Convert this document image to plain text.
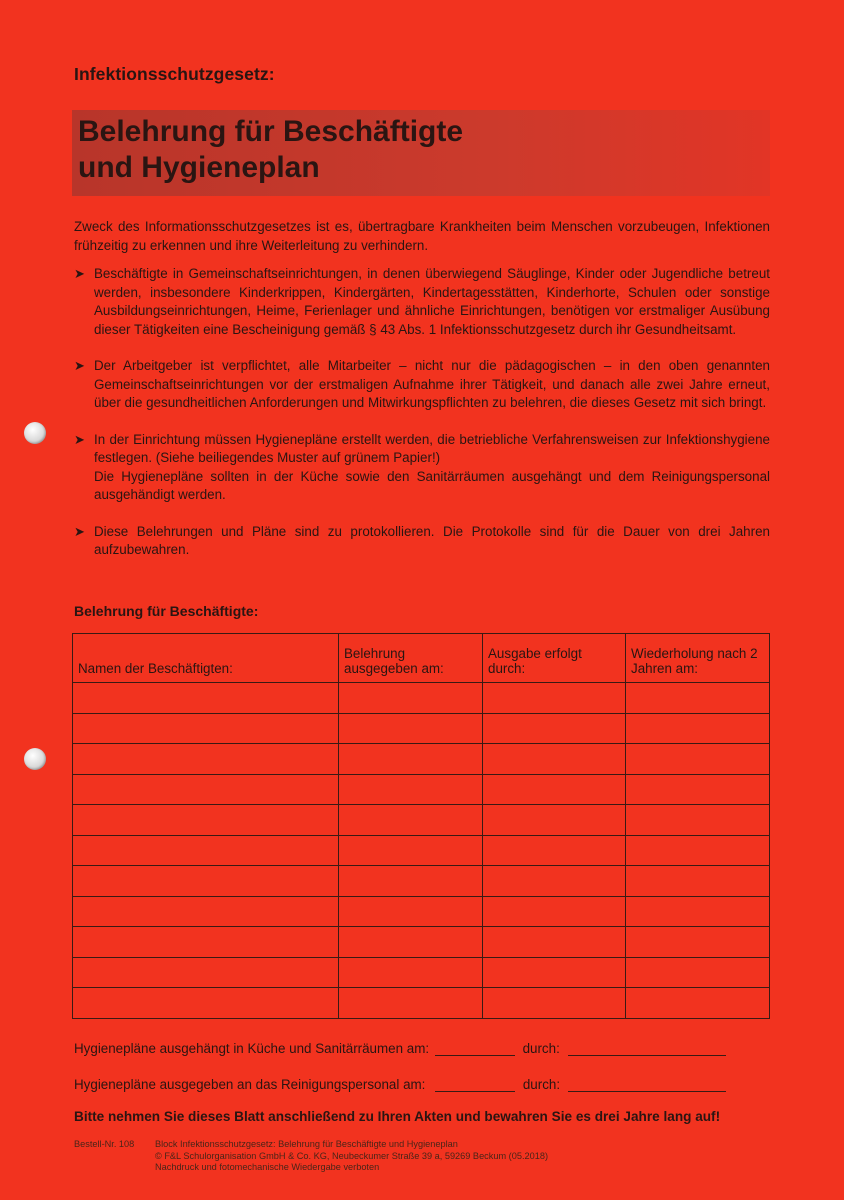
Infektionsschutzgesetz:
Belehrung für Beschäftigte
und Hygieneplan
Zweck des Informationsschutzgesetzes ist es, übertragbare Krankheiten beim Menschen vorzubeugen, Infektionen frühzeitig zu erkennen und ihre Weiterleitung zu verhindern.
➤ Beschäftigte in Gemeinschaftseinrichtungen, in denen überwiegend Säuglinge, Kinder oder Jugendliche betreut werden, insbesondere Kinderkrippen, Kindergärten, Kindertagesstätten, Kinderhorte, Schulen oder sonstige Ausbildungseinrichtungen, Heime, Ferienlager und ähnliche Einrichtungen, benötigen vor erstmaliger Ausübung dieser Tätigkeiten eine Bescheinigung gemäß § 43 Abs. 1 Infektionsschutzgesetz durch ihr Gesundheitsamt.

➤ Der Arbeitgeber ist verpflichtet, alle Mitarbeiter – nicht nur die pädagogischen – in den oben genannten Gemeinschaftseinrichtungen vor der erstmaligen Aufnahme ihrer Tätigkeit, und danach alle zwei Jahre erneut, über die gesundheitlichen Anforderungen und Mitwirkungspflichten zu belehren, die dieses Gesetz mit sich bringt.

➤ In der Einrichtung müssen Hygienepläne erstellt werden, die betriebliche Verfahrensweisen zur Infektionshygiene festlegen. (Siehe beiliegendes Muster auf grünem Papier!)

Die Hygienepläne sollten in der Küche sowie den Sanitärräumen ausgehängt und dem Reinigungspersonal ausgehändigt werden.

➤ Diese Belehrungen und Pläne sind zu protokollieren. Die Protokolle sind für die Dauer von drei Jahren aufzubewahren.

Belehrung für Beschäftigte:
Namen der Beschäftigten:	Belehrung ausgegeben am:	Ausgabe erfolgt durch:	Wiederholung nach 2 Jahren am:

Hygienepläne ausgehängt in Küche und Sanitärräumen am:	durch:
Hygienepläne ausgegeben an das Reinigungspersonal am:	durch:
Bitte nehmen Sie dieses Blatt anschließend zu Ihren Akten und bewahren Sie es drei Jahre lang auf!
Bestell-Nr. 108	Block Infektionsschutzgesetz: Belehrung für Beschäftigte und Hygieneplan
© F&L Schulorganisation GmbH & Co. KG, Neubeckumer Straße 39 a, 59269 Beckum (05.2018)
Nachdruck und fotomechanische Wiedergabe verboten
